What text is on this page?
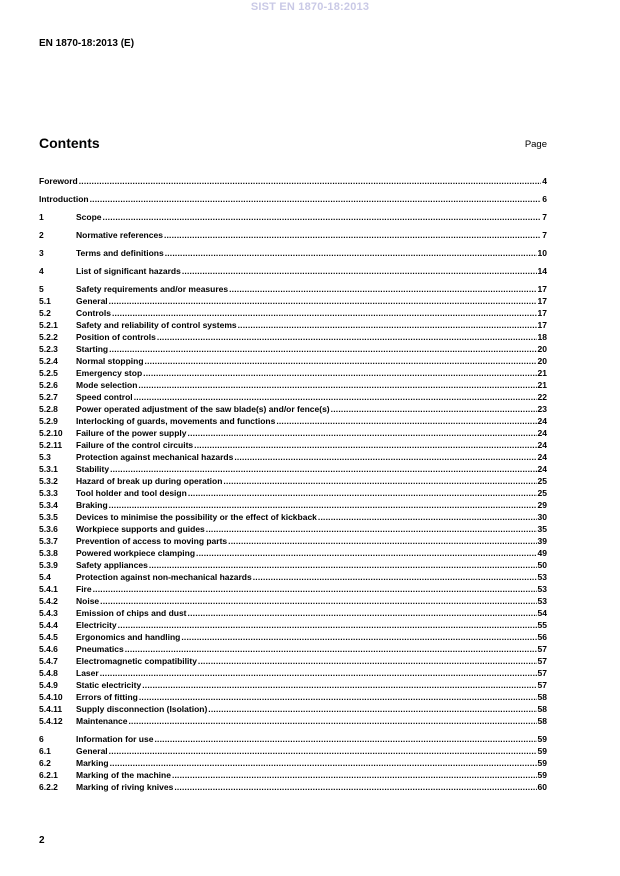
SIST EN 1870-18:2013
EN 1870-18:2013 (E)
Contents	Page
Foreword .....	4
Introduction .....	6
1	Scope .....	7
2	Normative references .....	7
3	Terms and definitions .....	10
4	List of significant hazards .....	14
5	Safety requirements and/or measures .....	17
5.1	General .....	17
5.2	Controls .....	17
5.2.1	Safety and reliability of control systems .....	17
5.2.2	Position of controls .....	18
5.2.3	Starting .....	20
5.2.4	Normal stopping .....	20
5.2.5	Emergency stop .....	21
5.2.6	Mode selection .....	21
5.2.7	Speed control .....	22
5.2.8	Power operated adjustment of the saw blade(s) and/or fence(s) .....	23
5.2.9	Interlocking of guards, movements and functions .....	24
5.2.10	Failure of the power supply .....	24
5.2.11	Failure of the control circuits .....	24
5.3	Protection against mechanical hazards .....	24
5.3.1	Stability .....	24
5.3.2	Hazard of break up during operation .....	25
5.3.3	Tool holder and tool design .....	25
5.3.4	Braking .....	29
5.3.5	Devices to minimise the possibility or the effect of kickback .....	30
5.3.6	Workpiece supports and guides .....	35
5.3.7	Prevention of access to moving parts .....	39
5.3.8	Powered workpiece clamping .....	49
5.3.9	Safety appliances .....	50
5.4	Protection against non-mechanical hazards .....	53
5.4.1	Fire .....	53
5.4.2	Noise .....	53
5.4.3	Emission of chips and dust .....	54
5.4.4	Electricity .....	55
5.4.5	Ergonomics and handling .....	56
5.4.6	Pneumatics .....	57
5.4.7	Electromagnetic compatibility .....	57
5.4.8	Laser .....	57
5.4.9	Static electricity .....	57
5.4.10	Errors of fitting .....	58
5.4.11	Supply disconnection (Isolation) .....	58
5.4.12	Maintenance .....	58
6	Information for use .....	59
6.1	General .....	59
6.2	Marking .....	59
6.2.1	Marking of the machine .....	59
6.2.2	Marking of riving knives .....	60
2
